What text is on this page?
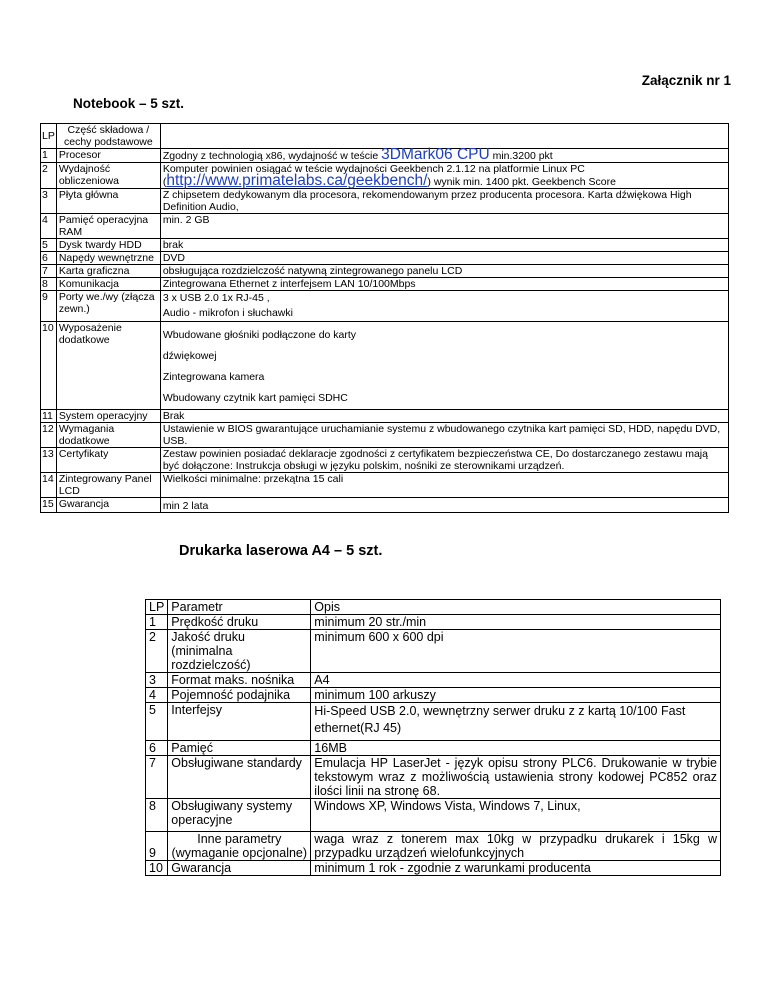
Załącznik nr 1
Notebook – 5 szt.
LP	Część składowa / cechy podstawowe	
1	Procesor	Zgodny z technologią x86, wydajność w teście 3DMark06 CPU min.3200 pkt
2	Wydajność obliczeniowa	Komputer powinien osiągać w teście wydajności Geekbench 2.1.12 na platformie Linux PC (http://www.primatelabs.ca/geekbench/) wynik min. 1400 pkt. Geekbench Score
3	Płyta główna	Z chipsetem dedykowanym dla procesora, rekomendowanym przez producenta procesora. Karta dźwiękowa High Definition Audio,
4	Pamięć operacyjna RAM	min. 2 GB
5	Dysk twardy HDD	brak
6	Napędy wewnętrzne	DVD
7	Karta graficzna	obsługująca rozdzielczość natywną zintegrowanego panelu LCD
8	Komunikacja	Zintegrowana Ethernet z interfejsem LAN 10/100Mbps
9	Porty we./wy (złącza zewn.)	3 x USB 2.0 1x RJ-45 ,
Audio - mikrofon i słuchawki

10	Wyposażenie dodatkowe	Wbudowane głośniki podłączone do karty
dźwiękowej
Zintegrowana kamera
Wbudowany czytnik kart pamięci SDHC

11	System operacyjny	Brak
12	Wymagania dodatkowe	Ustawienie w BIOS gwarantujące uruchamianie systemu z wbudowanego czytnika kart pamięci SD, HDD, napędu DVD, USB.
13	Certyfikaty	Zestaw powinien posiadać deklaracje zgodności z certyfikatem bezpieczeństwa CE, Do dostarczanego zestawu mają być dołączone: Instrukcja obsługi w języku polskim, nośniki ze sterownikami urządzeń.
14	Zintegrowany Panel LCD	Wielkości minimalne: przekątna 15 cali
15	Gwarancja	min 2 lata
Drukarka laserowa A4 – 5 szt.
LP	Parametr	Opis
1	Prędkość druku	minimum 20 str./min
2	Jakość druku (minimalna rozdzielczość)	minimum 600 x 600 dpi
3	Format maks. nośnika	A4
4	Pojemność podajnika	minimum 100 arkuszy
5	Interfejsy	Hi-Speed USB 2.0, wewnętrzny serwer druku z z kartą 10/100 Fast ethernet(RJ 45)
6	Pamięć	16MB
7	Obsługiwane standardy	Emulacja HP LaserJet - język opisu strony PLC6. Drukowanie w trybie tekstowym wraz z możliwością ustawienia strony kodowej PC852 oraz ilości linii na stronę 68.
8	Obsługiwany systemy operacyjne	Windows XP, Windows Vista, Windows 7, Linux,
9	Inne parametry (wymaganie opcjonalne)	waga wraz z tonerem max 10kg w przypadku drukarek i 15kg w przypadku urządzeń wielofunkcyjnych
10	Gwarancja	minimum 1 rok - zgodnie z warunkami producenta
